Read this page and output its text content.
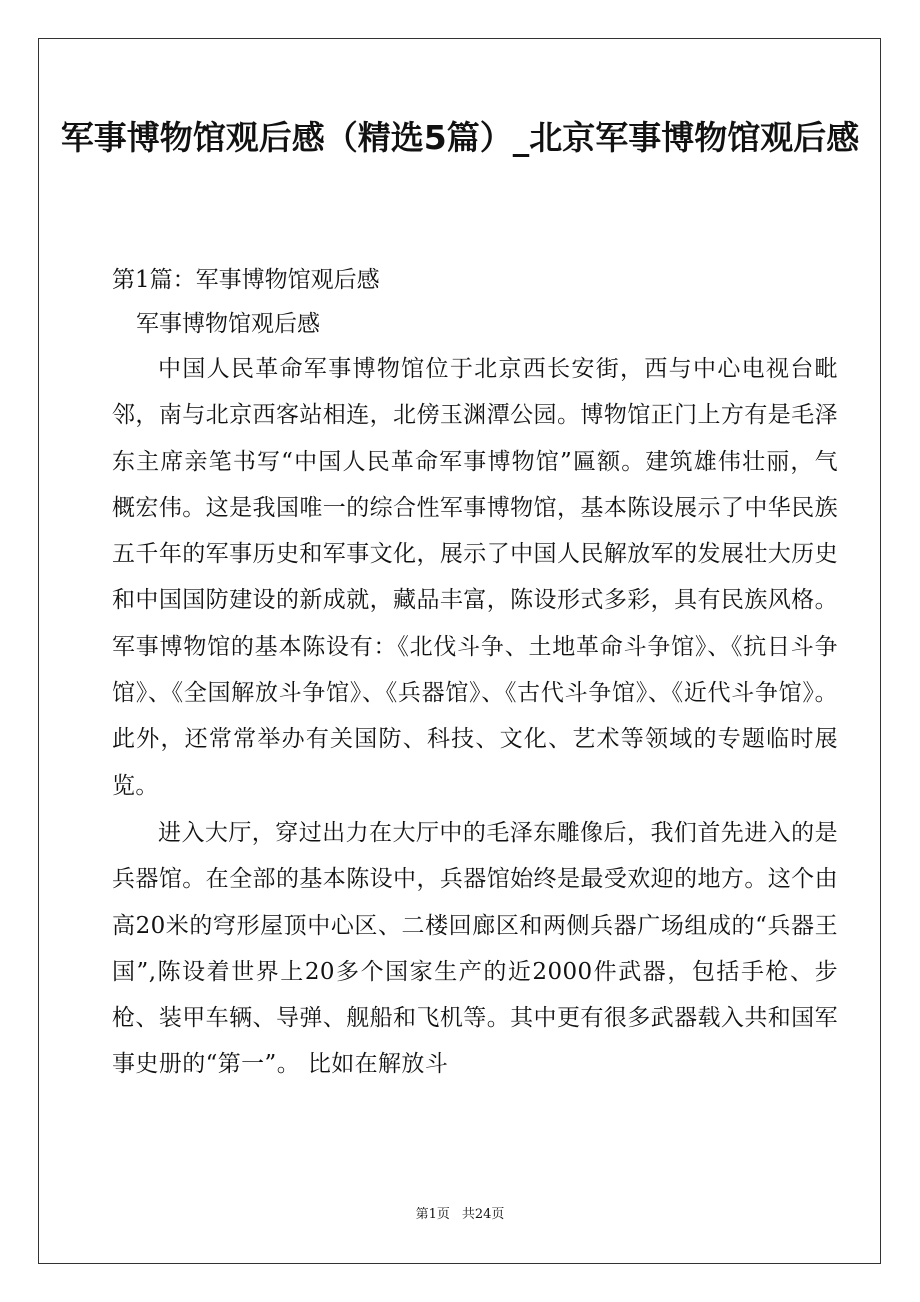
军事博物馆观后感（精选5篇）_北京军事博物馆观后感
第1篇：军事博物馆观后感

军事博物馆观后感

中国人民革命军事博物馆位于北京西长安街，西与中心电视台毗邻，南与北京西客站相连，北傍玉渊潭公园。博物馆正门上方有是毛泽东主席亲笔书写“中国人民革命军事博物馆”匾额。建筑雄伟壮丽，气概宏伟。这是我国唯一的综合性军事博物馆，基本陈设展示了中华民族五千年的军事历史和军事文化，展示了中国人民解放军的发展壮大历史和中国国防建设的新成就，藏品丰富，陈设形式多彩，具有民族风格。军事博物馆的基本陈设有：《北伐斗争、土地革命斗争馆》、《抗日斗争馆》、《全国解放斗争馆》、《兵器馆》、《古代斗争馆》、《近代斗争馆》。此外，还常常举办有关国防、科技、文化、艺术等领域的专题临时展览。

进入大厅，穿过出力在大厅中的毛泽东雕像后，我们首先进入的是兵器馆。在全部的基本陈设中，兵器馆始终是最受欢迎的地方。这个由高20米的穹形屋顶中心区、二楼回廊区和两侧兵器广场组成的“兵器王国”,陈设着世界上20多个国家生产的近2000件武器，包括手枪、步枪、装甲车辆、导弹、舰船和飞机等。其中更有很多武器载入共和国军事史册的“第一”。 比如在解放斗

第1页 共24页
